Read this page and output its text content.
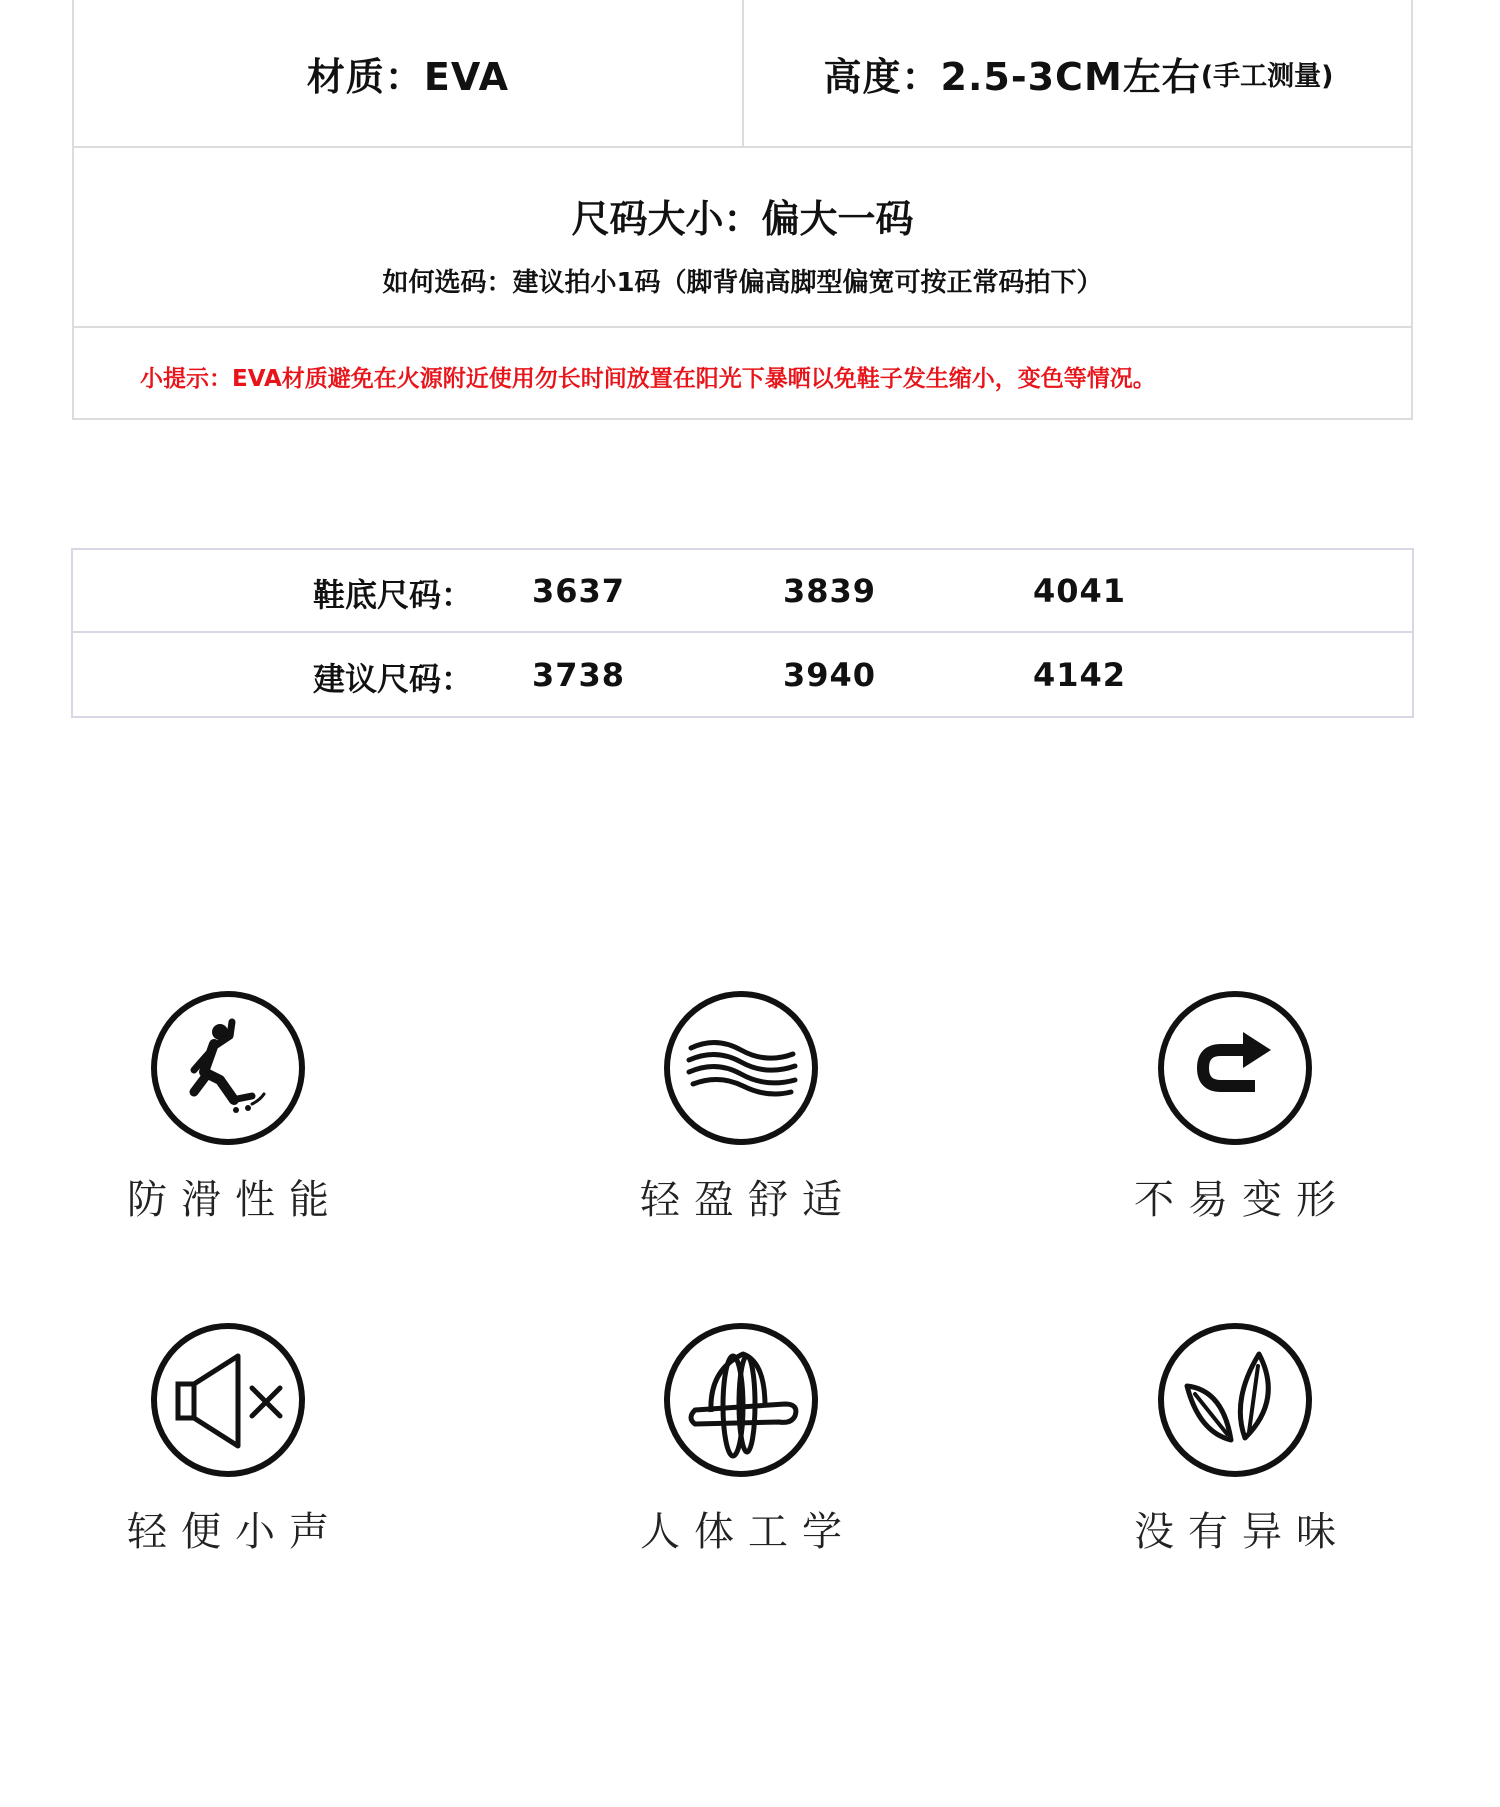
材质：EVA	高度：2.5-3CM左右 (手工测量)
尺码大小：偏大一码
如何选码：建议拍小1码（脚背偏高脚型偏宽可按正常码拍下）
小提示：EVA材质避免在火源附近使用勿长时间放置在阳光下暴晒以免鞋子发生缩小，变色等情况。
鞋底尺码： 3637	3839	4041
建议尺码： 3738	3940	4142
防滑性能	轻盈舒适	不易变形
轻便小声	人体工学	没有异味
